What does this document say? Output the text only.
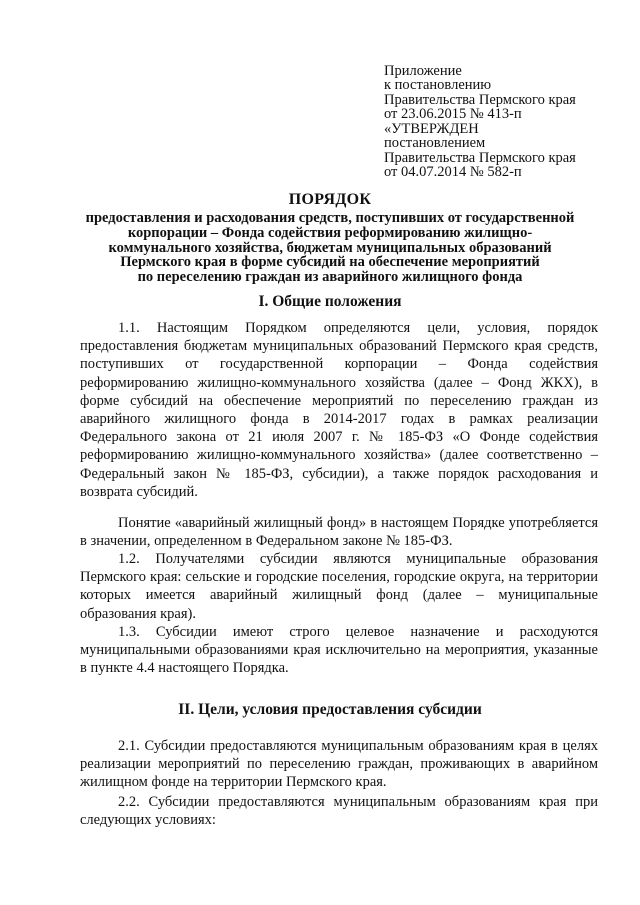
Приложение
к постановлению
Правительства Пермского края
от 23.06.2015 № 413-п
«УТВЕРЖДЕН
постановлением
Правительства Пермского края
от 04.07.2014 № 582-п
ПОРЯДОК
предоставления и расходования средств, поступивших от государственной
корпорации – Фонда содействия реформированию жилищно-
коммунального хозяйства, бюджетам муниципальных образований
Пермского края в форме субсидий на обеспечение мероприятий
по переселению граждан из аварийного жилищного фонда
I. Общие положения

1.1. Настоящим Порядком определяются цели, условия, порядок предоставления бюджетам муниципальных образований Пермского края средств, поступивших от государственной корпорации – Фонда содействия реформированию жилищно-коммунального хозяйства (далее – Фонд ЖКХ), в форме субсидий на обеспечение мероприятий по переселению граждан из аварийного жилищного фонда в 2014-2017 годах в рамках реализации Федерального закона от 21 июля 2007 г. № 185-ФЗ «О Фонде содействия реформированию жилищно-коммунального хозяйства» (далее соответственно – Федеральный закон № 185-ФЗ, субсидии), а также порядок расходования и возврата субсидий.

Понятие «аварийный жилищный фонд» в настоящем Порядке употребляется в значении, определенном в Федеральном законе № 185-ФЗ.

1.2. Получателями субсидии являются муниципальные образования Пермского края: сельские и городские поселения, городские округа, на территории которых имеется аварийный жилищный фонд (далее – муниципальные образования края).

1.3. Субсидии имеют строго целевое назначение и расходуются муниципальными образованиями края исключительно на мероприятия, указанные в пункте 4.4 настоящего Порядка.

II. Цели, условия предоставления субсидии

2.1. Субсидии предоставляются муниципальным образованиям края в целях реализации мероприятий по переселению граждан, проживающих в аварийном жилищном фонде на территории Пермского края.

2.2. Субсидии предоставляются муниципальным образованиям края при следующих условиях:
